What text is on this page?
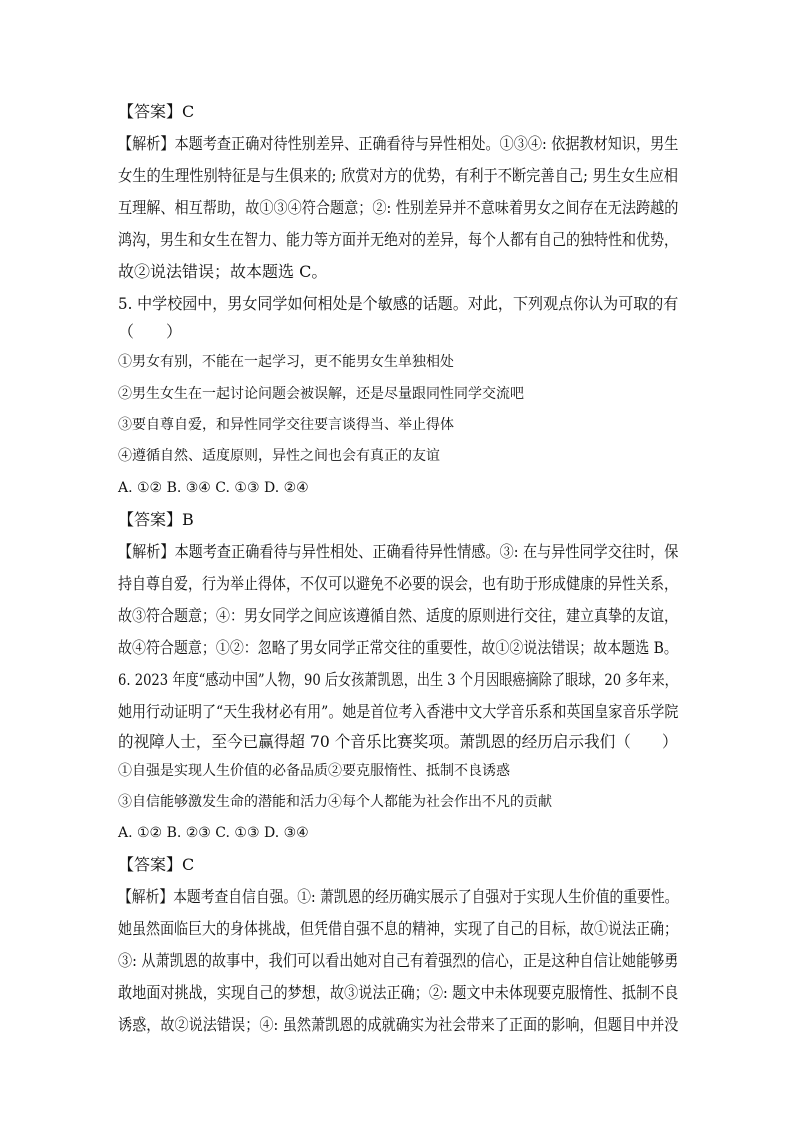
【答案】C
【解析】本题考查正确对待性别差异、正确看待与异性相处。①③④: 依据教材知识，男生
女生的生理性别特征是与生俱来的; 欣赏对方的优势，有利于不断完善自己; 男生女生应相
互理解、相互帮助，故①③④符合题意；②: 性别差异并不意味着男女之间存在无法跨越的
鸿沟，男生和女生在智力、能力等方面并无绝对的差异，每个人都有自己的独特性和优势，
故②说法错误；故本题选 C。
5. 中学校园中，男女同学如何相处是个敏感的话题。对此，下列观点你认为可取的有
（　　）
①男女有别，不能在一起学习，更不能男女生单独相处
②男生女生在一起讨论问题会被误解，还是尽量跟同性同学交流吧
③要自尊自爱，和异性同学交往要言谈得当、举止得体
④遵循自然、适度原则，异性之间也会有真正的友谊
A. ①② B. ③④ C. ①③ D. ②④
【答案】B
【解析】本题考查正确看待与异性相处、正确看待异性情感。③: 在与异性同学交往时，保
持自尊自爱，行为举止得体，不仅可以避免不必要的误会，也有助于形成健康的异性关系，
故③符合题意；④：男女同学之间应该遵循自然、适度的原则进行交往，建立真挚的友谊，
故④符合题意；①②：忽略了男女同学正常交往的重要性，故①②说法错误；故本题选 B。
6. 2023 年度“感动中国”人物，90 后女孩萧凯恩，出生 3 个月因眼癌摘除了眼球，20 多年来，
她用行动证明了“天生我材必有用”。她是首位考入香港中文大学音乐系和英国皇家音乐学院
的视障人士，至今已赢得超 70 个音乐比赛奖项。萧凯恩的经历启示我们（　　）
①自强是实现人生价值的必备品质②要克服惰性、抵制不良诱惑
③自信能够激发生命的潜能和活力④每个人都能为社会作出不凡的贡献
A. ①② B. ②③ C. ①③ D. ③④
【答案】C
【解析】本题考查自信自强。①: 萧凯恩的经历确实展示了自强对于实现人生价值的重要性。
她虽然面临巨大的身体挑战，但凭借自强不息的精神，实现了自己的目标，故①说法正确；
③: 从萧凯恩的故事中，我们可以看出她对自己有着强烈的信心，正是这种自信让她能够勇
敢地面对挑战，实现自己的梦想，故③说法正确；②: 题文中未体现要克服惰性、抵制不良
诱惑，故②说法错误；④: 虽然萧凯恩的成就确实为社会带来了正面的影响，但题目中并没
